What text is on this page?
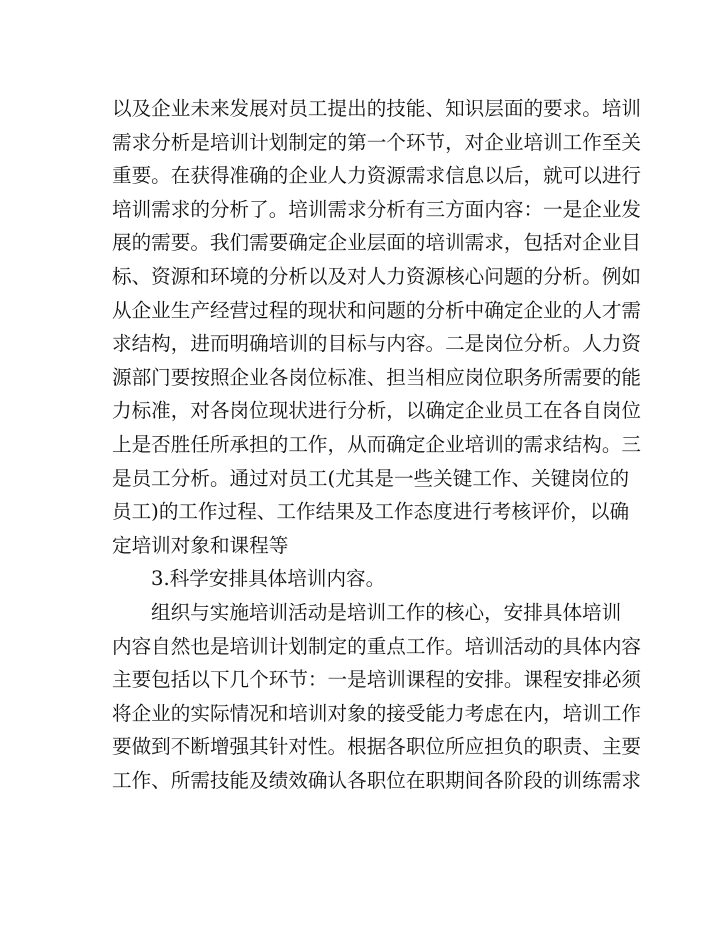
以及企业未来发展对员工提出的技能、知识层面的要求。培训
需求分析是培训计划制定的第一个环节，对企业培训工作至关
重要。在获得准确的企业人力资源需求信息以后，就可以进行
培训需求的分析了。培训需求分析有三方面内容：一是企业发
展的需要。我们需要确定企业层面的培训需求，包括对企业目
标、资源和环境的分析以及对人力资源核心问题的分析。例如
从企业生产经营过程的现状和问题的分析中确定企业的人才需
求结构，进而明确培训的目标与内容。二是岗位分析。人力资
源部门要按照企业各岗位标准、担当相应岗位职务所需要的能
力标准，对各岗位现状进行分析，以确定企业员工在各自岗位
上是否胜任所承担的工作，从而确定企业培训的需求结构。三
是员工分析。通过对员工(尤其是一些关键工作、关键岗位的
员工)的工作过程、工作结果及工作态度进行考核评价，以确
定培训对象和课程等
3.科学安排具体培训内容。
组织与实施培训活动是培训工作的核心，安排具体培训
内容自然也是培训计划制定的重点工作。培训活动的具体内容
主要包括以下几个环节：一是培训课程的安排。课程安排必须
将企业的实际情况和培训对象的接受能力考虑在内，培训工作
要做到不断增强其针对性。根据各职位所应担负的职责、主要
工作、所需技能及绩效确认各职位在职期间各阶段的训练需求
